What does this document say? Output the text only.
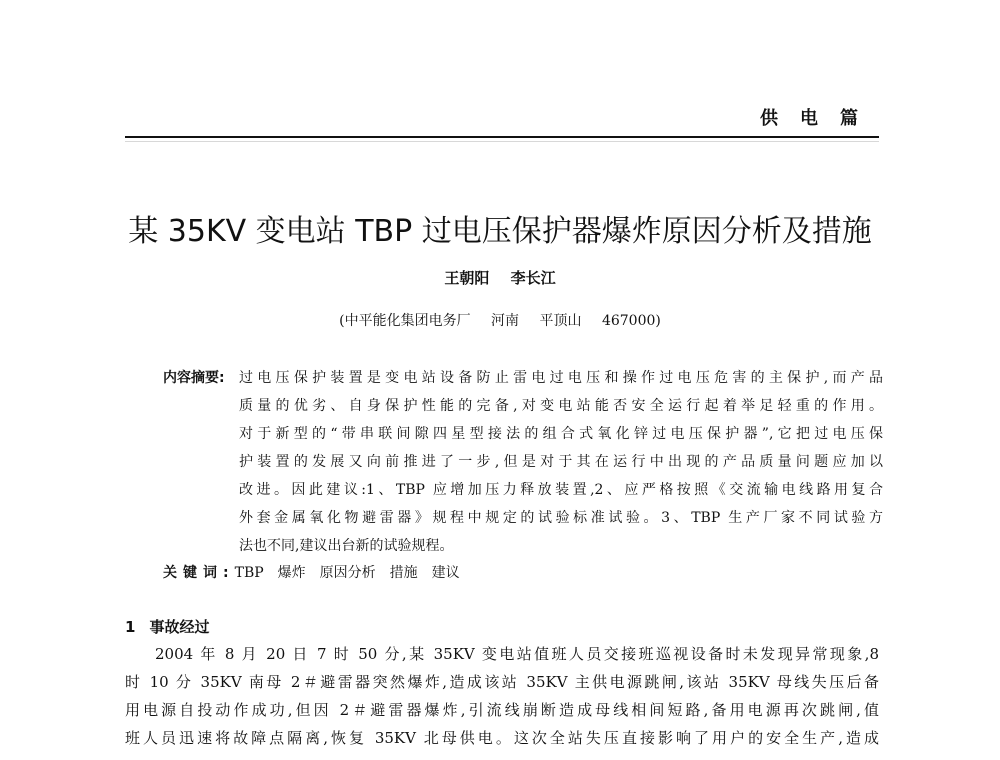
供电篇
某 35KV 变电站 TBP 过电压保护器爆炸原因分析及措施
王朝阳 李长江
(中平能化集团电务厂 河南 平顶山 467000)
内容摘要:	过电压保护装置是变电站设备防止雷电过电压和操作过电压危害的主保护,而产品
质量的优劣、自身保护性能的完备,对变电站能否安全运行起着举足轻重的作用。
对于新型的“带串联间隙四星型接法的组合式氧化锌过电压保护器”,它把过电压保
护装置的发展又向前推进了一步,但是对于其在运行中出现的产品质量问题应加以
改进。因此建议:1、TBP 应增加压力释放装置,2、应严格按照《交流输电线路用复合
外套金属氧化物避雷器》规程中规定的试验标准试验。3、TBP 生产厂家不同试验方
法也不同,建议出台新的试验规程。
关键词:TBP 爆炸 原因分析 措施 建议
1 事故经过
2004 年 8 月 20 日 7 时 50 分,某 35KV 变电站值班人员交接班巡视设备时未发现异常现象,8
时 10 分 35KV 南母 2＃避雷器突然爆炸,造成该站 35KV 主供电源跳闸,该站 35KV 母线失压后备
用电源自投动作成功,但因 2＃避雷器爆炸,引流线崩断造成母线相间短路,备用电源再次跳闸,值
班人员迅速将故障点隔离,恢复 35KV 北母供电。这次全站失压直接影响了用户的安全生产,造成
